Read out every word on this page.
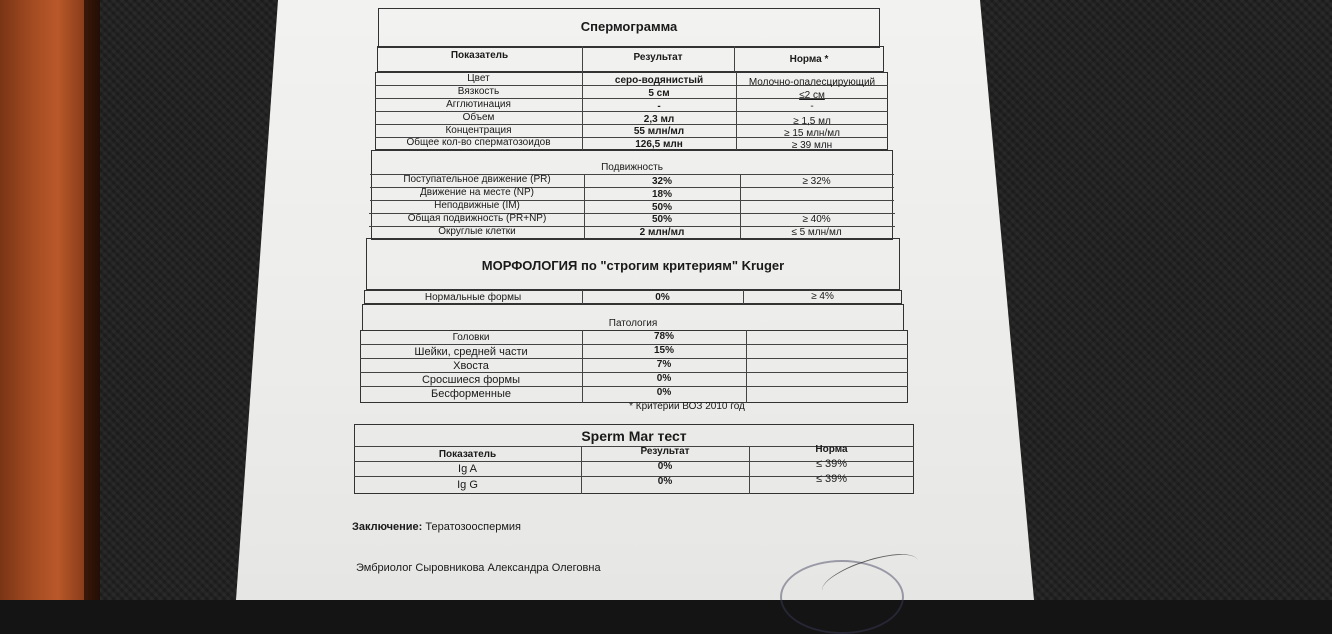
Спермограмма
Показатель	Результат	Норма *
Цвет	серо-водянистый	Молочно-опалесцирующий
Вязкость	5 см	≤2 см
Агглютинация	-	-
Объем	2,3 мл	≥ 1,5 мл
Концентрация	55 млн/мл	≥ 15 млн/мл
Общее кол-во сперматозоидов	126,5 млн	≥ 39 млн
Подвижность
Поступательное движение (PR)	32%	≥ 32%
Движение на месте (NP)	18%
Неподвижные (IM)	50%
Общая подвижность (PR+NP)	50%	≥ 40%
Округлые клетки	2 млн/мл	≤ 5 млн/мл
МОРФОЛОГИЯ по "строгим критериям" Kruger
Нормальные формы	0%	≥ 4%
Патология
Головки	78%
Шейки, средней части	15%
Хвоста	7%
Сросшиеся формы	0%
Бесформенные	0%
* Критерии ВОЗ 2010 год
Sperm Mar тест
Показатель	Результат	Норма
Ig A	0%	≤ 39%
Ig G	0%	≤ 39%
Заключение: Тератозооспермия
Эмбриолог Сыровникова Александра Олеговна
